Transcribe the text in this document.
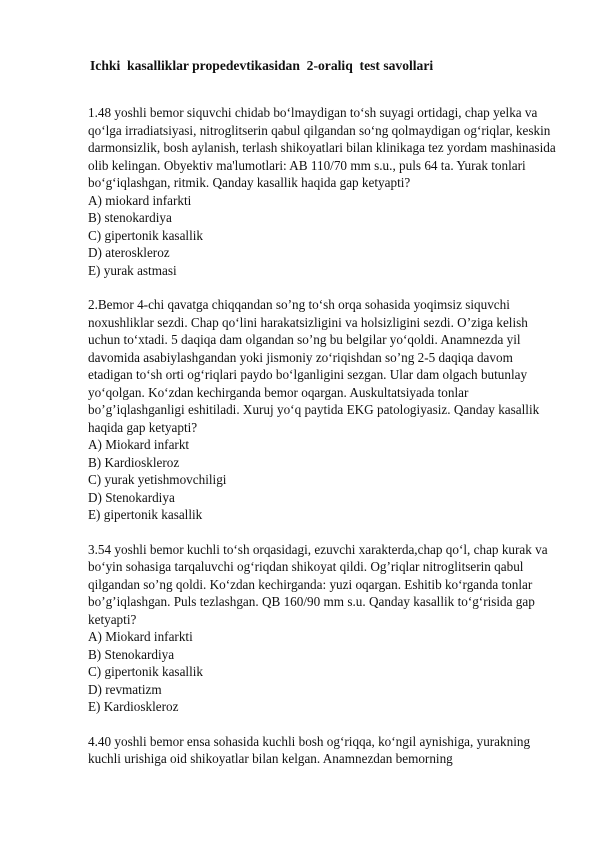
Ichki  kasalliklar propedevtikasidan  2-oraliq  test savollari
1.48 yoshli bemor siquvchi chidab bo‘lmaydigan to‘sh suyagi ortidagi, chap yelka va qo‘lga irradiatsiyasi, nitroglitserin qabul qilgandan so‘ng qolmaydigan og‘riqlar, keskin darmonsizlik, bosh aylanish, terlash shikoyatlari bilan klinikaga tez yordam mashinasida olib kelingan. Obyektiv ma'lumotlari: AB 110/70 mm s.u., puls 64 ta. Yurak tonlari bo‘g‘iqlashgan, ritmik. Qanday kasallik haqida gap ketyapti?
A) miokard infarkti
B) stenokardiya
C) gipertonik kasallik
D) ateroskleroz
E) yurak astmasi
2.Bemor 4-chi qavatga chiqqandan so’ng to‘sh orqa sohasida yoqimsiz siquvchi noxushliklar sezdi. Chap qo‘lini harakatsizligini va holsizligini sezdi. O’ziga kelish uchun to‘xtadi. 5 daqiqa dam olgandan so’ng bu belgilar yo‘qoldi. Anamnezda yil davomida asabiylashgandan yoki jismoniy zo‘riqishdan so’ng 2-5 daqiqa davom etadigan to‘sh orti og‘riqlari paydo bo‘lganligini sezgan. Ular dam olgach butunlay yo‘qolgan. Ko‘zdan kechirganda bemor oqargan. Auskultatsiyada tonlar bo’g’iqlashganligi eshitiladi. Xuruj yo‘q paytida EKG patologiyasiz. Qanday kasallik haqida gap ketyapti?
A) Miokard infarkt
B) Kardioskleroz
C) yurak yetishmovchiligi
D) Stenokardiya
E) gipertonik kasallik
3.54 yoshli bemor kuchli to‘sh orqasidagi, ezuvchi xarakterda,chap qo‘l, chap kurak va bo‘yin sohasiga tarqaluvchi og‘riqdan shikoyat qildi. Og’riqlar nitroglitserin qabul qilgandan so’ng qoldi. Ko‘zdan kechirganda: yuzi oqargan. Eshitib ko‘rganda tonlar bo’g’iqlashgan. Puls tezlashgan. QB 160/90 mm s.u. Qanday kasallik to‘g‘risida gap ketyapti?
A) Miokard infarkti
B) Stenokardiya
C) gipertonik kasallik
D) revmatizm
E) Kardioskleroz
4.40 yoshli bemor ensa sohasida kuchli bosh og‘riqqa, ko‘ngil aynishiga, yurakning kuchli urishiga oid shikoyatlar bilan kelgan. Anamnezdan bemorning
